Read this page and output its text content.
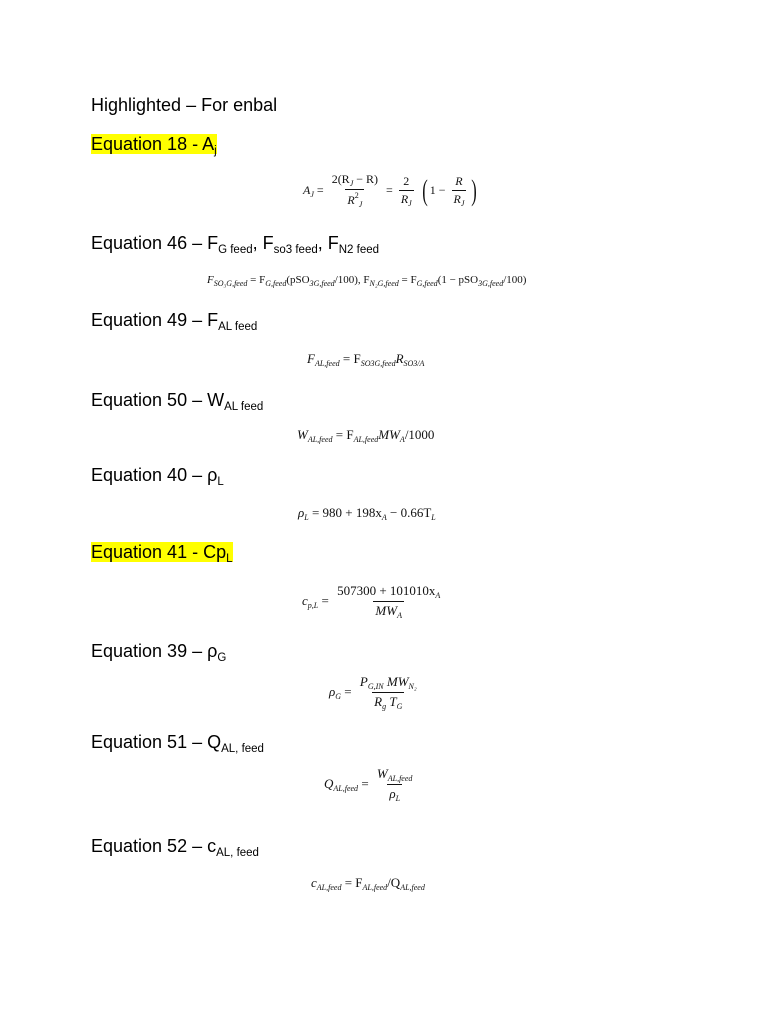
Highlighted – For enbal
Equation $18 - A_j$
$A_J = \frac{2(R_J - R)}{R^2_J} = \frac{2}{R_J}$ ( $1 - \frac{R}{R_J}$ )
Equation $46 - F_{G feed}$, $F_{so3 feed}$, $F_{N2 feed}$
$F_{SO_3G,feed} = F_{G,feed}(pSO_{3G,feed}/100)$, $F_{N_2G,feed} = F_{G,feed}(1 - pSO_{3G,feed}/100)$
Equation $49 - F_{AL feed}$
$F_{AL,feed} = F_{SO3G,feed}R_{SO3/A}$
Equation $50 - W_{AL feed}$
$W_{AL,feed} = F_{AL,feed}MW_A/1000$
Equation $40 - \rho_L$
$\rho_L = 980 + 198x_A - 0.66T_L$
Equation $41 - Cp_L$
$c_{p,L} = \frac{507300 + 101010x_A}{MW_A}$
Equation $39 - \rho_G$
$\rho_G = \frac{P_{G,IN} MW_{N_2}}{R_g T_G}$
Equation $51 - Q_{AL, feed}$
$Q_{AL,feed} = \frac{W_{AL,feed}}{\rho_L}$
Equation $52 - c_{AL, feed}$
$c_{AL,feed} = F_{AL,feed}/Q_{AL,feed}$
